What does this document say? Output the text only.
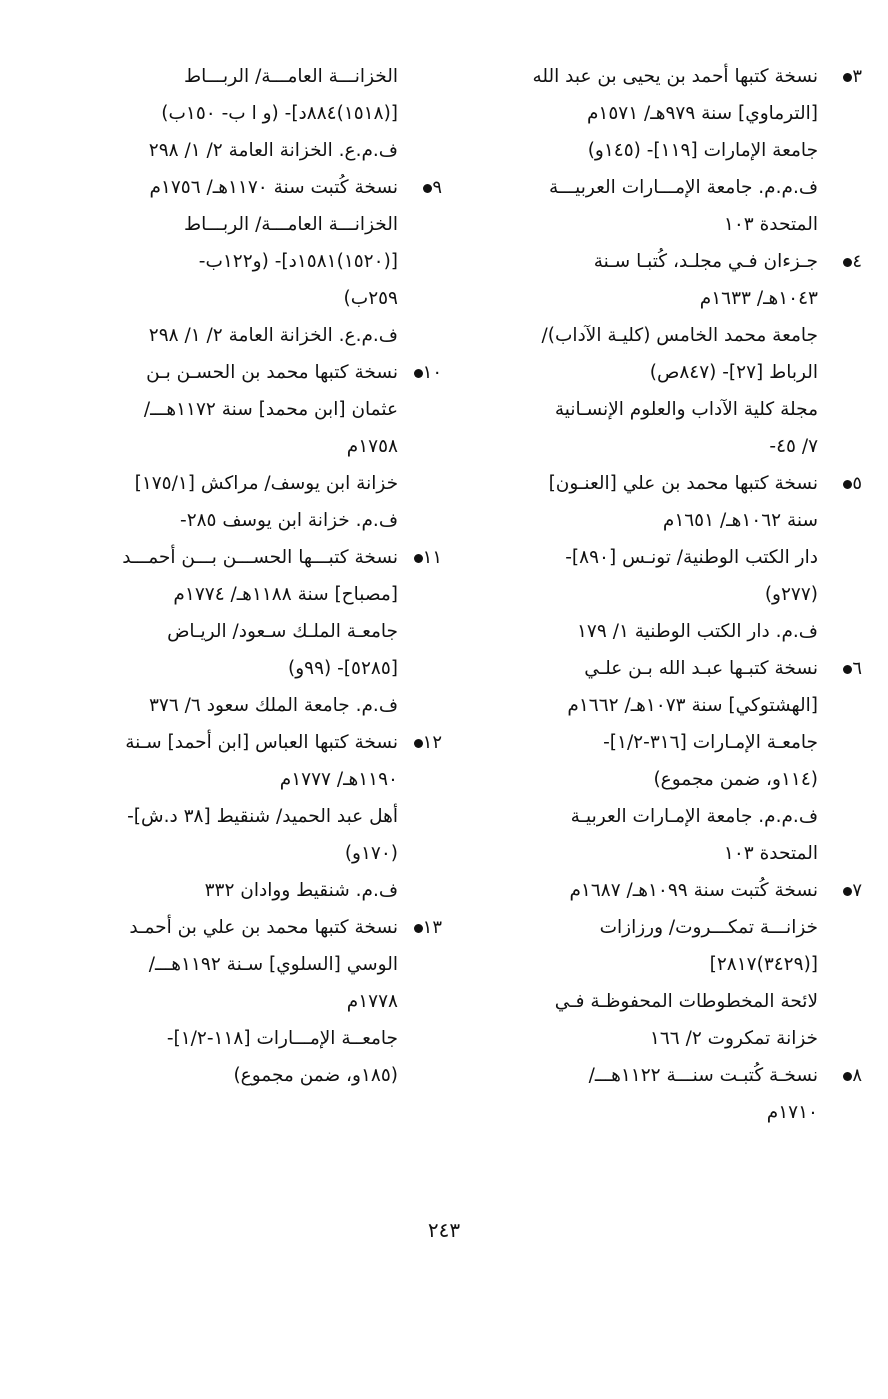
٣
نسخة كتبها أحمد بن يحيى بن عبد الله
[الترماوي] سنة ٩٧٩هـ/ ١٥٧١م
جامعة الإمارات [١١٩]- (١٤٥و)
ف.م.م. جامعة الإمـــارات العربيـــة
المتحدة ١٠٣
٤
جـزءان فـي مجلـد، كُتبـا سـنة
١٠٤٣هـ/ ١٦٣٣م
جامعة محمد الخامس (كليـة الآداب)/
الرباط [٢٧]- (٨٤٧ص)
مجلة كلية الآداب والعلوم الإنسـانية
٧/ ٤٥-
٥
نسخة كتبها محمد بن علي [العنـون]
سنة ١٠٦٢هـ/ ١٦٥١م
دار الكتب الوطنية/ تونـس [٨٩٠]-
(٢٧٧و)
ف.م. دار الكتب الوطنية ١/ ١٧٩
٦
نسخة كتبـها عبـد الله بـن علـي
[الهشتوكي] سنة ١٠٧٣هـ/ ١٦٦٢م
جامعـة الإمـارات [٣١٦-١/٢]-
(١١٤و، ضمن مجموع)
ف.م.م. جامعة الإمـارات العربيـة
المتحدة ١٠٣
٧
نسخة كُتبت سنة ١٠٩٩هـ/ ١٦٨٧م
خزانـــة تمكـــروت/ ورزازات
[(٣٤٢٩)٢٨١٧]
لائحة المخطوطات المحفوظـة فـي
خزانة تمكروت ٢/ ١٦٦
٨
نسخـة كُتبـت سنـــة ١١٢٢هـــ/
١٧١٠م
الخزانـــة العامـــة/ الربـــاط
[(١٥١٨)٨٨٤د]- (و ا ب- ١٥٠ب)
ف.م.ع. الخزانة العامة ٢/ ١/ ٢٩٨
٩
نسخة كُتبت سنة ١١٧٠هـ/ ١٧٥٦م
الخزانـــة العامـــة/ الربـــاط
[(١٥٢٠)١٥٨١د]- (و١٢٢ب-
٢٥٩ب)
ف.م.ع. الخزانة العامة ٢/ ١/ ٢٩٨
١٠
نسخة كتبها محمد بن الحسـن بـن
عثمان [ابن محمد] سنة ١١٧٢هـــ/
١٧٥٨م
خزانة ابن يوسف/ مراكش [١٧٥/١]
ف.م. خزانة ابن يوسف ٢٨٥-
١١
نسخة كتبـــها الحســـن بـــن أحمـــد
[مصباح] سنة ١١٨٨هـ/ ١٧٧٤م
جامعـة الملـك سـعود/ الريـاض
[٥٢٨٥]- (٩٩و)
ف.م. جامعة الملك سعود ٦/ ٣٧٦
١٢
نسخة كتبها العباس [ابن أحمد] سـنة
١١٩٠هـ/ ١٧٧٧م
أهل عبد الحميد/ شنقيط [٣٨ د.ش]-
(١٧٠و)
ف.م. شنقيط ووادان ٣٣٢
١٣
نسخة كتبها محمد بن علي بن أحمـد
الوسي [السلوي] سـنة ١١٩٢هـــ/
١٧٧٨م
جامعــة الإمـــارات [١١٨-١/٢]-
(١٨٥و، ضمن مجموع)
٢٤٣
